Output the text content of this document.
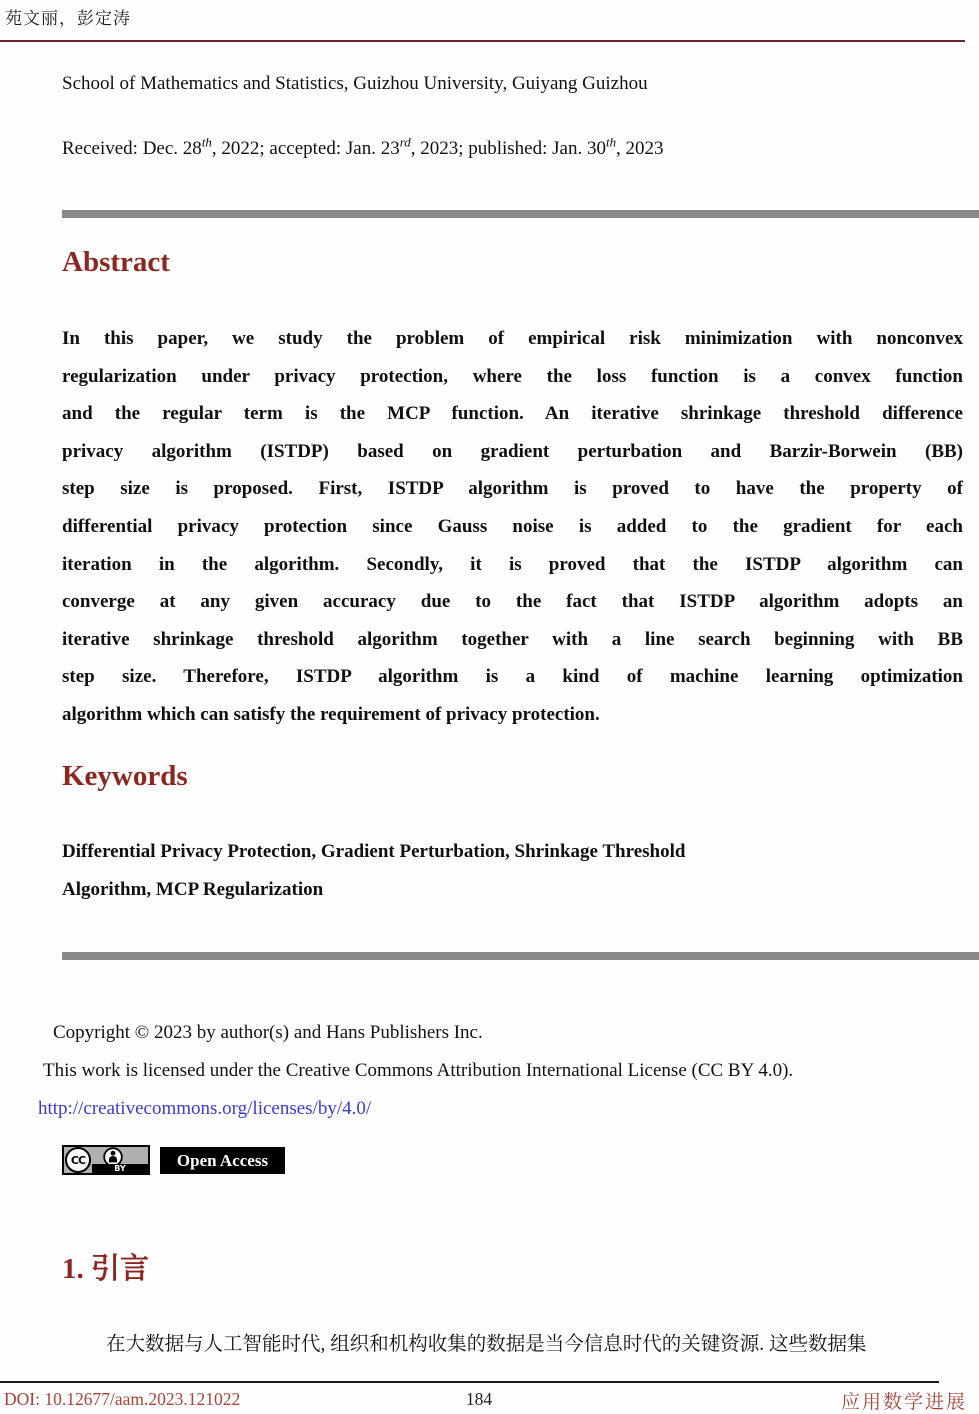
苑文丽，彭定涛
School of Mathematics and Statistics, Guizhou University, Guiyang Guizhou
Received: Dec. 28th, 2022; accepted: Jan. 23rd, 2023; published: Jan. 30th, 2023
Abstract
In this paper, we study the problem of empirical risk minimization with nonconvex
regularization under privacy protection, where the loss function is a convex function
and the regular term is the MCP function. An iterative shrinkage threshold difference
privacy algorithm (ISTDP) based on gradient perturbation and Barzir-Borwein (BB)
step size is proposed. First, ISTDP algorithm is proved to have the property of
differential privacy protection since Gauss noise is added to the gradient for each
iteration in the algorithm. Secondly, it is proved that the ISTDP algorithm can
converge at any given accuracy due to the fact that ISTDP algorithm adopts an
iterative shrinkage threshold algorithm together with a line search beginning with BB
step size. Therefore, ISTDP algorithm is a kind of machine learning optimization
algorithm which can satisfy the requirement of privacy protection.
Keywords
Differential Privacy Protection, Gradient Perturbation, Shrinkage Threshold
Algorithm, MCP Regularization
Copyright © 2023 by author(s) and Hans Publishers Inc.
This work is licensed under the Creative Commons Attribution International License (CC BY 4.0).
http://creativecommons.org/licenses/by/4.0/
CC
BY	Open Access
1. 引言
在大数据与人工智能时代, 组织和机构收集的数据是当今信息时代的关键资源. 这些数据集
DOI: 10.12677/aam.2023.121022	184	应用数学进展
